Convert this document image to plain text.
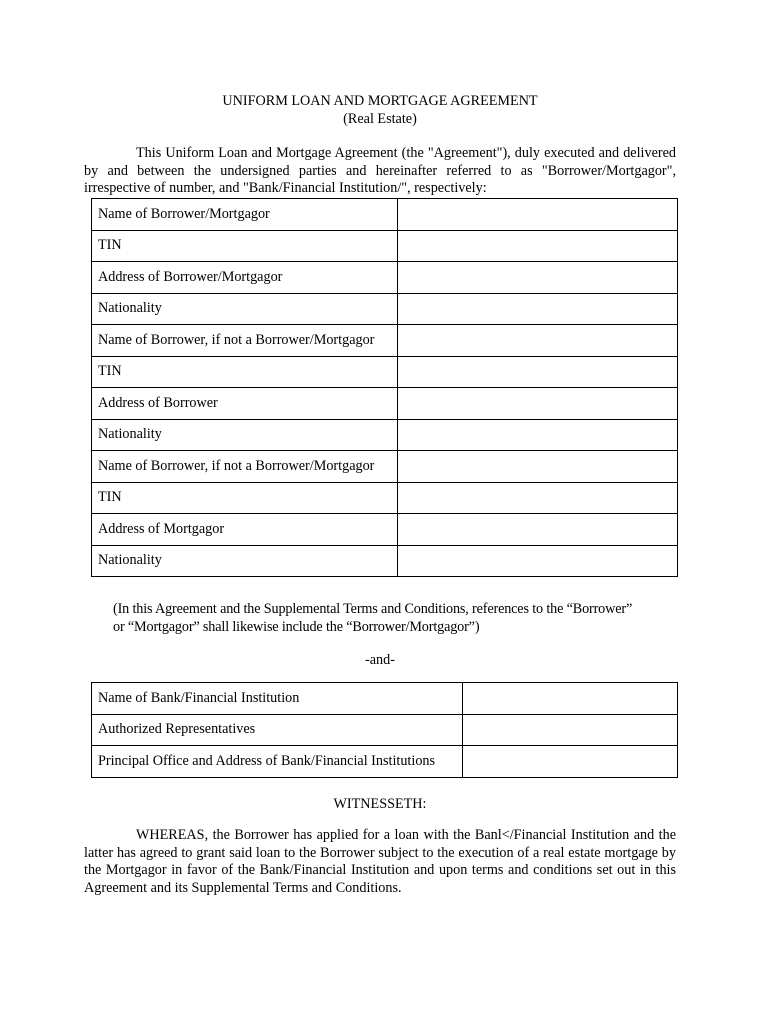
UNIFORM LOAN AND MORTGAGE AGREEMENT
(Real Estate)
This Uniform Loan and Mortgage Agreement (the "Agreement"), duly executed and delivered by and between the undersigned parties and hereinafter referred to as "Borrower/Mortgagor", irrespective of number, and "Bank/Financial Institution/", respectively:
Name of Borrower/Mortgagor	
TIN	
Address of Borrower/Mortgagor	
Nationality	
Name of Borrower, if not a Borrower/Mortgagor	
TIN	
Address of Borrower	
Nationality	
Name of Borrower, if not a Borrower/Mortgagor	
TIN	
Address of Mortgagor	
Nationality	
(In this Agreement and the Supplemental Terms and Conditions, references to the “Borrower”
or “Mortgagor” shall likewise include the “Borrower/Mortgagor”)
-and-
Name of Bank/Financial Institution	
Authorized Representatives	
Principal Office and Address of Bank/Financial Institutions	
WITNESSETH:
WHEREAS, the Borrower has applied for a loan with the Banl</Financial Institution and the latter has agreed to grant said loan to the Borrower subject to the execution of a real estate mortgage by the Mortgagor in favor of the Bank/Financial Institution and upon terms and conditions set out in this Agreement and its Supplemental Terms and Conditions.
